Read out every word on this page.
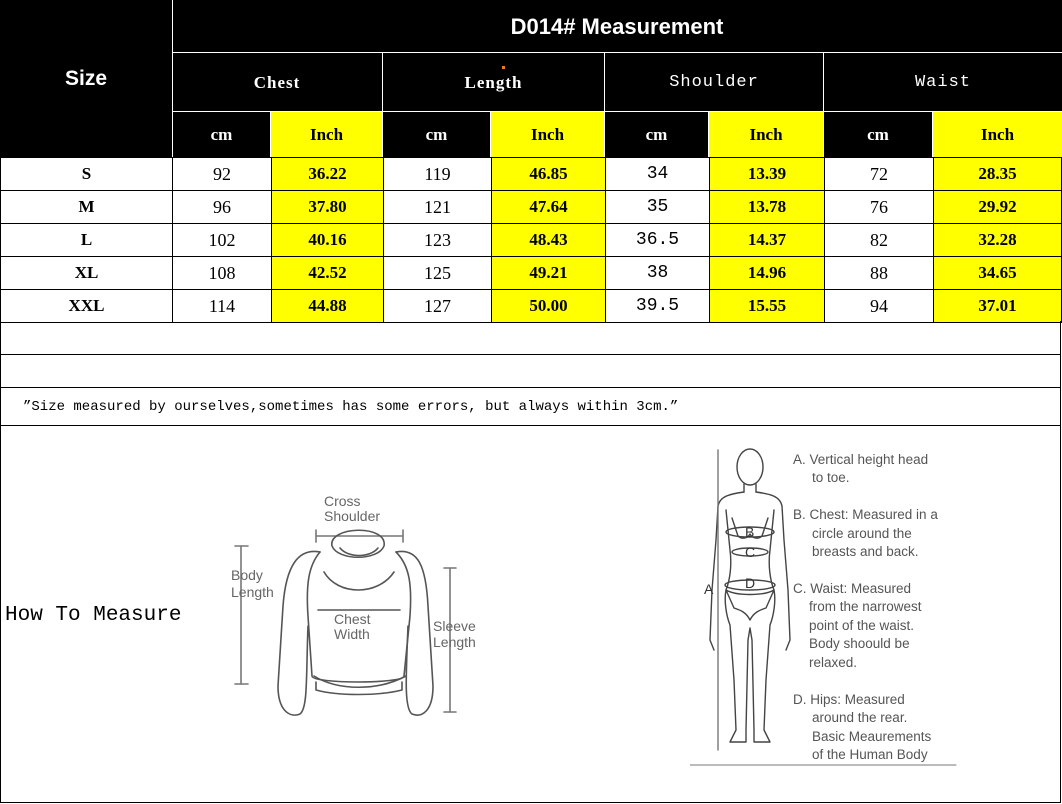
Size
D014# Measurement
Chest	Length	Shoulder	Waist
cm	Inch	cm	Inch	cm	Inch	cm	Inch
S	92	36.22	119	46.85	34	13.39	72	28.35
M	96	37.80	121	47.64	35	13.78	76	29.92
L	102	40.16	123	48.43	36.5	14.37	82	32.28
XL	108	42.52	125	49.21	38	14.96	88	34.65
XXL	114	44.88	127	50.00	39.5	15.55	94	37.01
”Size measured by ourselves,sometimes has some errors, but always within 3cm.”
How To Measure
Cross
Shoulder
Body
Length
Chest
Width	Sleeve
Length
A
B
C
D
A. Vertical height head
to toe.
B. Chest: Measured in a
circle around the
breasts and back.
C. Waist: Measured
from the narrowest
point of the waist.
Body shoould be
relaxed.
D. Hips: Measured
around the rear.
Basic Meaurements
of the Human Body
